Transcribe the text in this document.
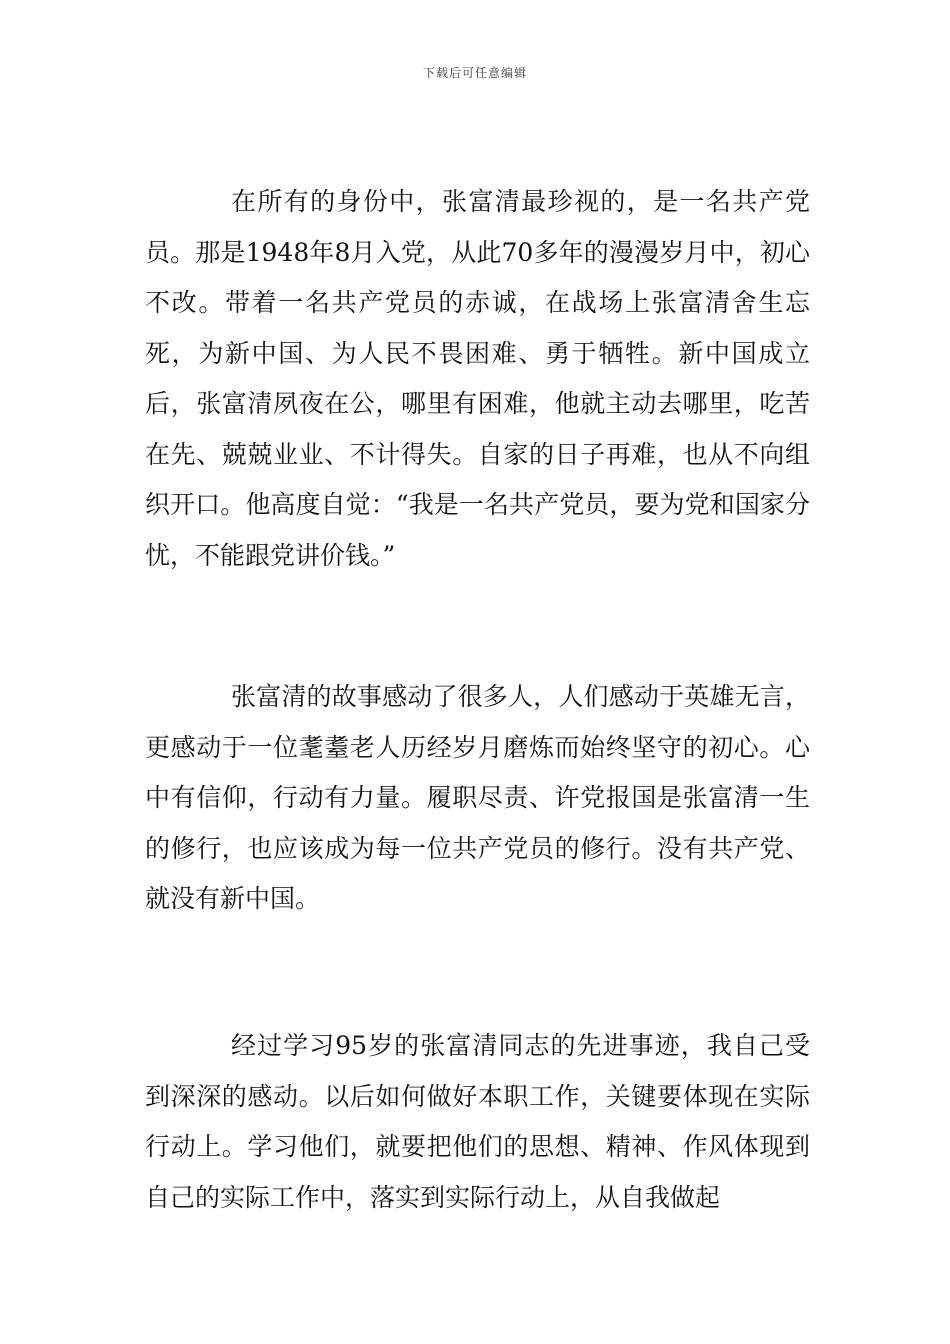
下载后可任意编辑

在所有的身份中，张富清最珍视的，是一名共产党员。那是1948年8月入党，从此70多年的漫漫岁月中，初心不改。带着一名共产党员的赤诚，在战场上张富清舍生忘死，为新中国、为人民不畏困难、勇于牺牲。新中国成立后，张富清夙夜在公，哪里有困难，他就主动去哪里，吃苦在先、兢兢业业、不计得失。自家的日子再难，也从不向组织开口。他高度自觉：“我是一名共产党员，要为党和国家分忧，不能跟党讲价钱。”

张富清的故事感动了很多人，人们感动于英雄无言，更感动于一位耄耋老人历经岁月磨炼而始终坚守的初心。心中有信仰，行动有力量。履职尽责、许党报国是张富清一生的修行，也应该成为每一位共产党员的修行。没有共产党、就没有新中国。

经过学习95岁的张富清同志的先进事迹，我自己受到深深的感动。以后如何做好本职工作，关键要体现在实际行动上。学习他们，就要把他们的思想、精神、作风体现到自己的实际工作中，落实到实际行动上，从自我做起
